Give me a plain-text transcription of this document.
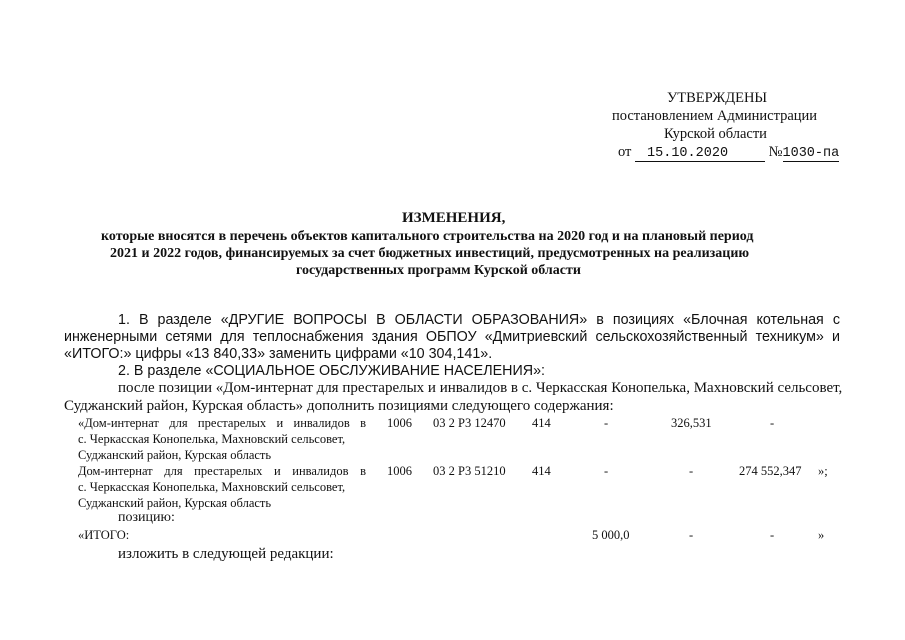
УТВЕРЖДЕНЫ
постановлением Администрации
Курской области
от 15.10.2020	№1030-па
ИЗМЕНЕНИЯ,
которые вносятся в перечень объектов капитального строительства на 2020 год и на плановый период
2021 и 2022 годов, финансируемых за счет бюджетных инвестиций, предусмотренных на реализацию
государственных программ Курской области
1. В разделе «ДРУГИЕ ВОПРОСЫ В ОБЛАСТИ ОБРАЗОВАНИЯ» в позициях «Блочная котельная с
инженерными сетями для теплоснабжения здания ОБПОУ «Дмитриевский сельскохозяйственный техникум» и
«ИТОГО:» цифры «13 840,33» заменить цифрами «10 304,141».
2. В разделе «СОЦИАЛЬНОЕ ОБСЛУЖИВАНИЕ НАСЕЛЕНИЯ»:
после позиции «Дом-интернат для престарелых и инвалидов в с. Черкасская Конопелька, Махновский сельсовет,
Суджанский район, Курская область» дополнить позициями следующего содержания:
«Дом-интернат для престарелых и инвалидов в
с. Черкасская Конопелька, Махновский сельсовет,
Суджанский район, Курская область
1006 03 2 Р3 12470 414	-	326,531	-
Дом-интернат для престарелых и инвалидов в
с. Черкасская Конопелька, Махновский сельсовет,
Суджанский район, Курская область
1006 03 2 Р3 51210 414	-	-	274 552,347 »;
позицию:
«ИТОГО:	5 000,0	-	-	»
изложить в следующей редакции:
